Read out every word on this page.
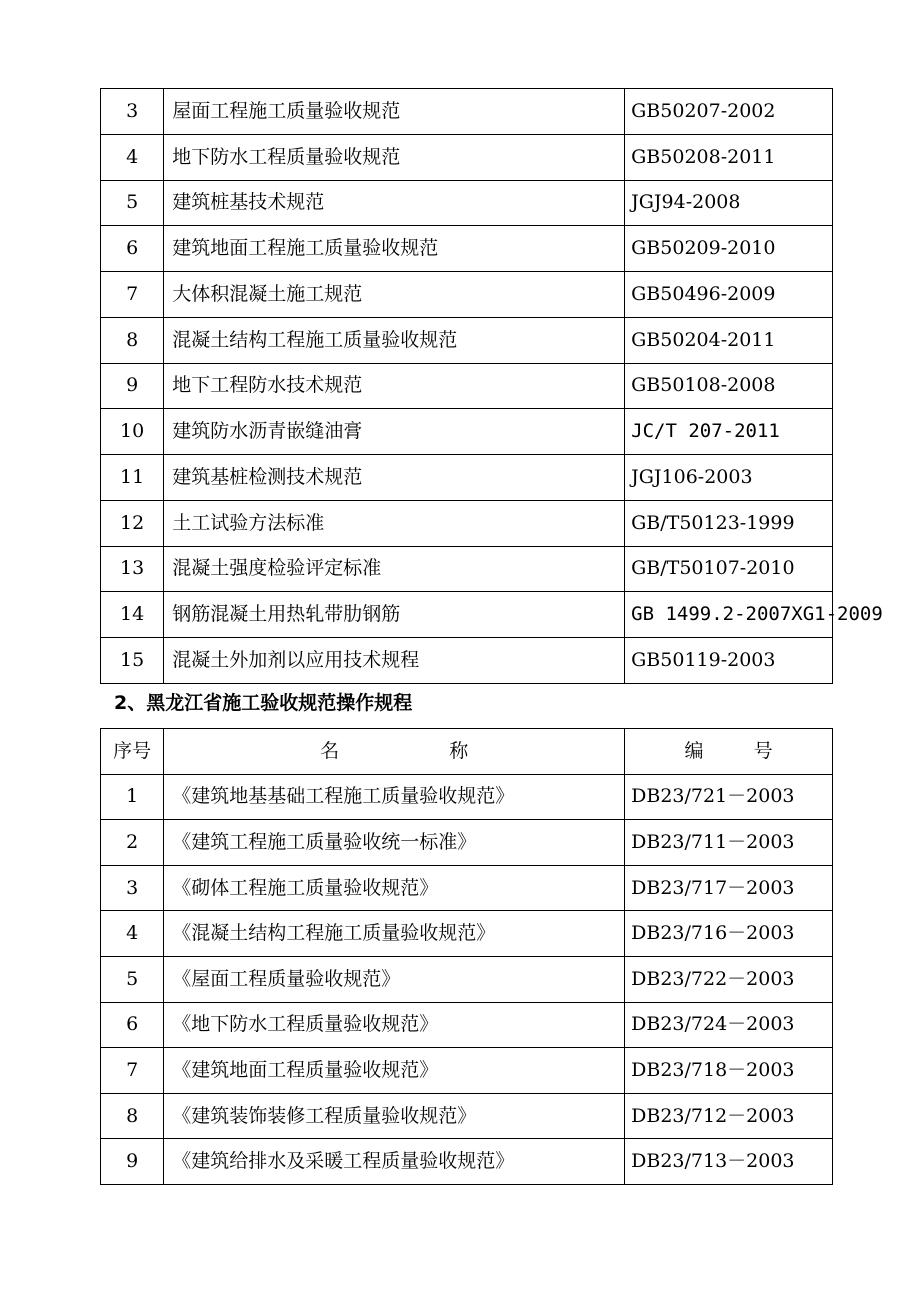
3	屋面工程施工质量验收规范	GB50207-2002
4	地下防水工程质量验收规范	GB50208-2011
5	建筑桩基技术规范	JGJ94-2008
6	建筑地面工程施工质量验收规范	GB50209-2010
7	大体积混凝土施工规范	GB50496-2009
8	混凝土结构工程施工质量验收规范	GB50204-2011
9	地下工程防水技术规范	GB50108-2008
10	建筑防水沥青嵌缝油膏	JC/T 207-2011
11	建筑基桩检测技术规范	JGJ106-2003
12	土工试验方法标准	GB/T50123-1999
13	混凝土强度检验评定标准	GB/T50107-2010
14	钢筋混凝土用热轧带肋钢筋	GB 1499.2-2007XG1-2009
15	混凝土外加剂以应用技术规程	GB50119-2003
2、黑龙江省施工验收规范操作规程
序号	名 称	编 号

1	《建筑地基基础工程施工质量验收规范》	DB23/721－2003
2	《建筑工程施工质量验收统一标准》	DB23/711－2003
3	《砌体工程施工质量验收规范》	DB23/717－2003
4	《混凝土结构工程施工质量验收规范》	DB23/716－2003
5	《屋面工程质量验收规范》	DB23/722－2003
6	《地下防水工程质量验收规范》	DB23/724－2003
7	《建筑地面工程质量验收规范》	DB23/718－2003
8	《建筑装饰装修工程质量验收规范》	DB23/712－2003
9	《建筑给排水及采暖工程质量验收规范》	DB23/713－2003
